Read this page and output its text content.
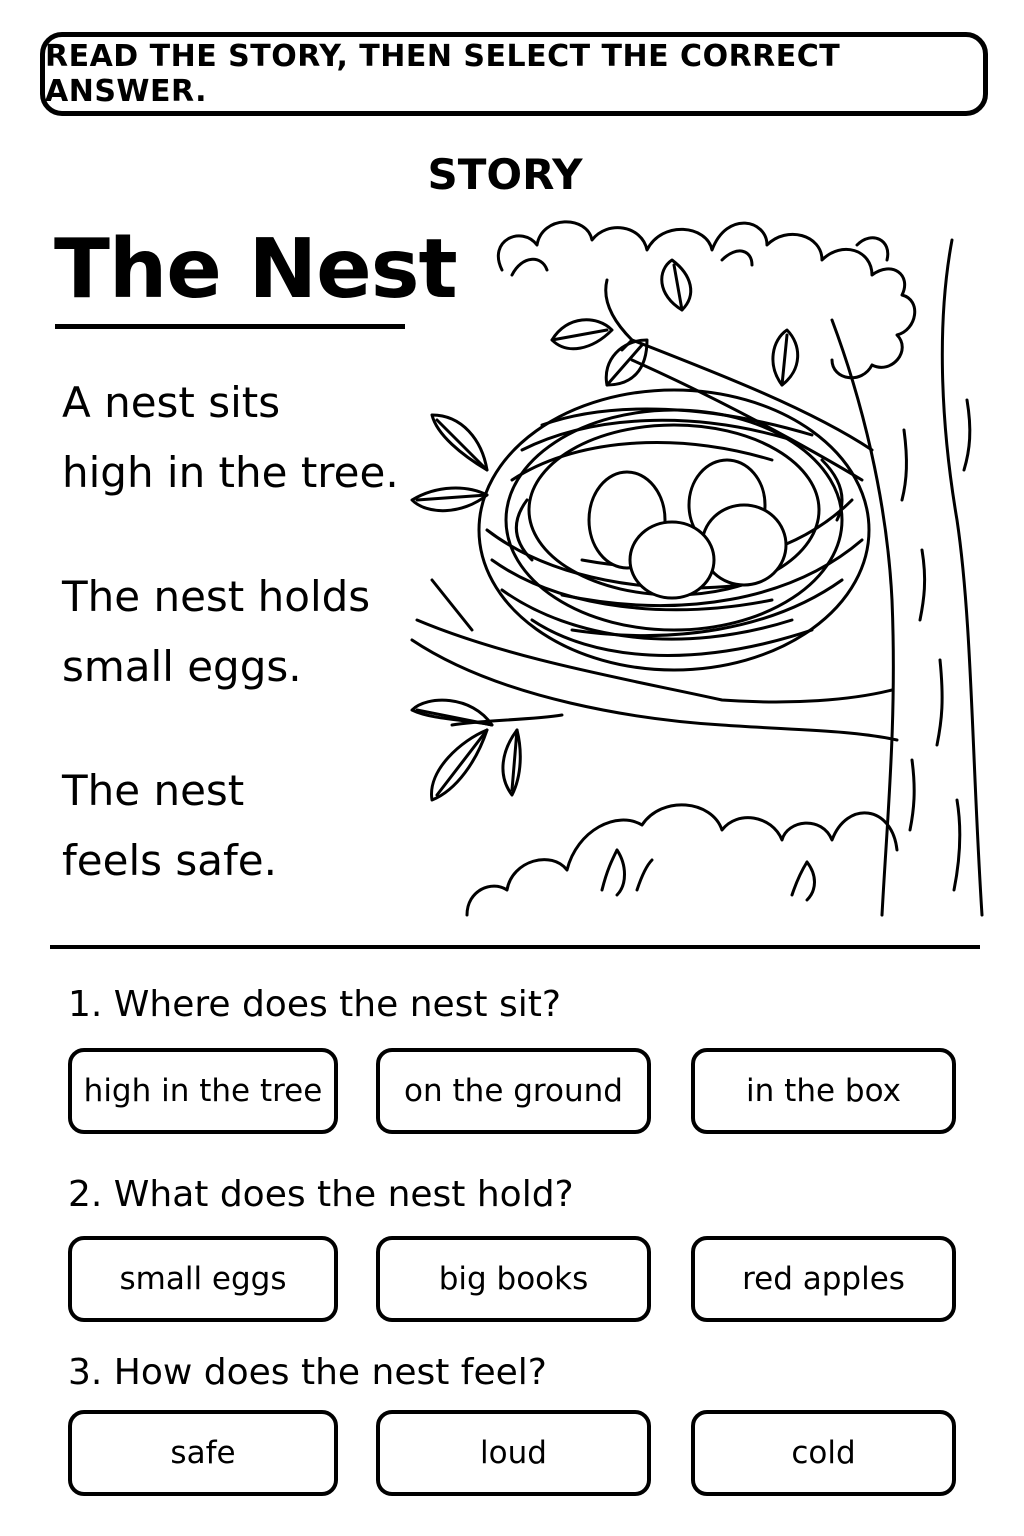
READ THE STORY, THEN SELECT THE CORRECT ANSWER.
STORY
The Nest
A nest sits
high in the tree.
The nest holds
small eggs.
The nest
feels safe.
1. Where does the nest sit?
high in the tree	on the ground	in the box
2. What does the nest hold?
small eggs	big books	red apples
3. How does the nest feel?
safe	loud	cold
